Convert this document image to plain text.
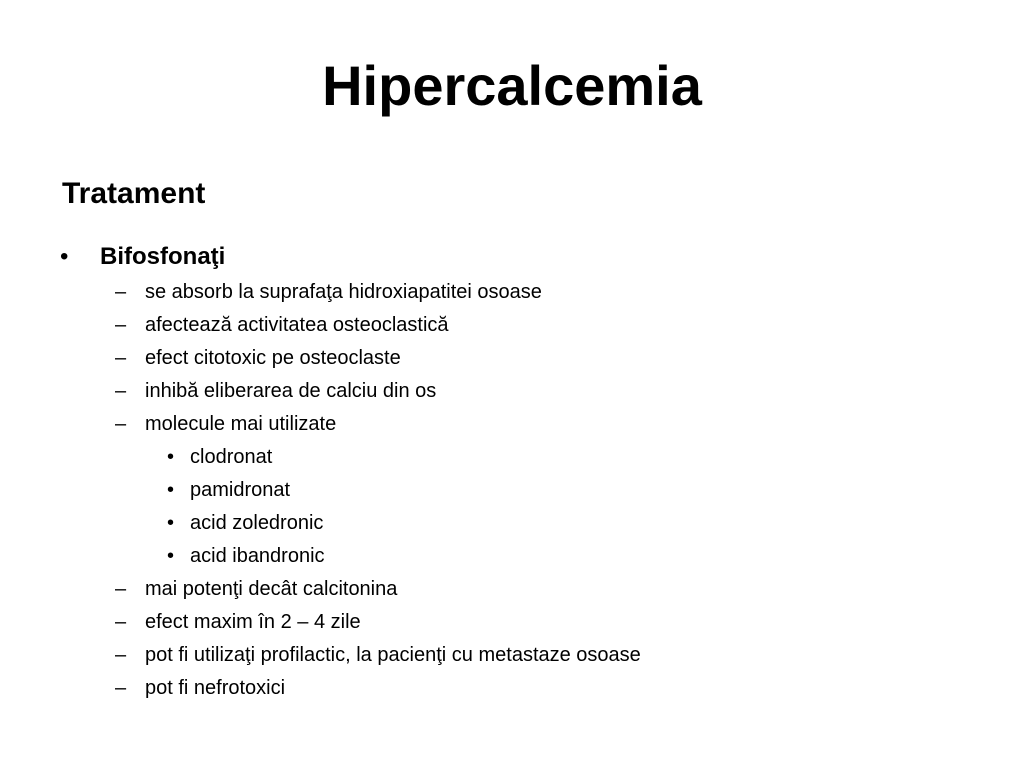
Hipercalcemia
Tratament
• Bifosfonaţi
– se absorb la suprafaţa hidroxiapatitei osoase
– afectează activitatea osteoclastică
– efect citotoxic pe osteoclaste
– inhibă eliberarea de calciu din os
– molecule mai utilizate
• clodronat
• pamidronat
• acid zoledronic
• acid ibandronic
– mai potenţi decât calcitonina
– efect maxim în 2 – 4 zile
– pot fi utilizaţi profilactic, la pacienţi cu metastaze osoase
– pot fi nefrotoxici
